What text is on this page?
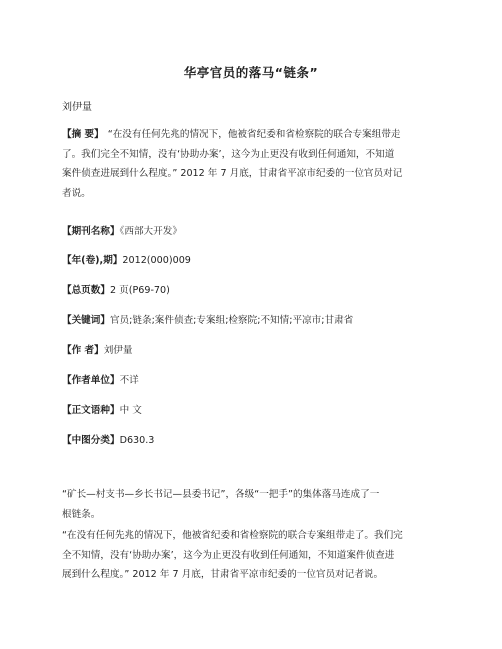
华亭官员的落马“链条”
刘伊量
【摘 要】 “在没有任何先兆的情况下，他被省纪委和省检察院的联合专案组带走
了。我们完全不知情，没有‘协助办案’，这今为止更没有收到任何通知，不知道
案件侦查进展到什么程度。” 2012 年 7 月底，甘肃省平凉市纪委的一位官员对记
者说。
【期刊名称】《西部大开发》
【年(卷),期】2012(000)009
【总页数】2 页(P69-70)
【关键词】官员;链条;案件侦查;专案组;检察院;不知情;平凉市;甘肃省
【作 者】刘伊量
【作者单位】不详
【正文语种】中 文
【中图分类】D630.3
“矿长—村支书—乡长书记—县委书记”，各级“一把手”的集体落马连成了一
根链条。
“在没有任何先兆的情况下，他被省纪委和省检察院的联合专案组带走了。我们完
全不知情，没有‘协助办案’，这今为止更没有收到任何通知，不知道案件侦查进
展到什么程度。” 2012 年 7 月底，甘肃省平凉市纪委的一位官员对记者说。
